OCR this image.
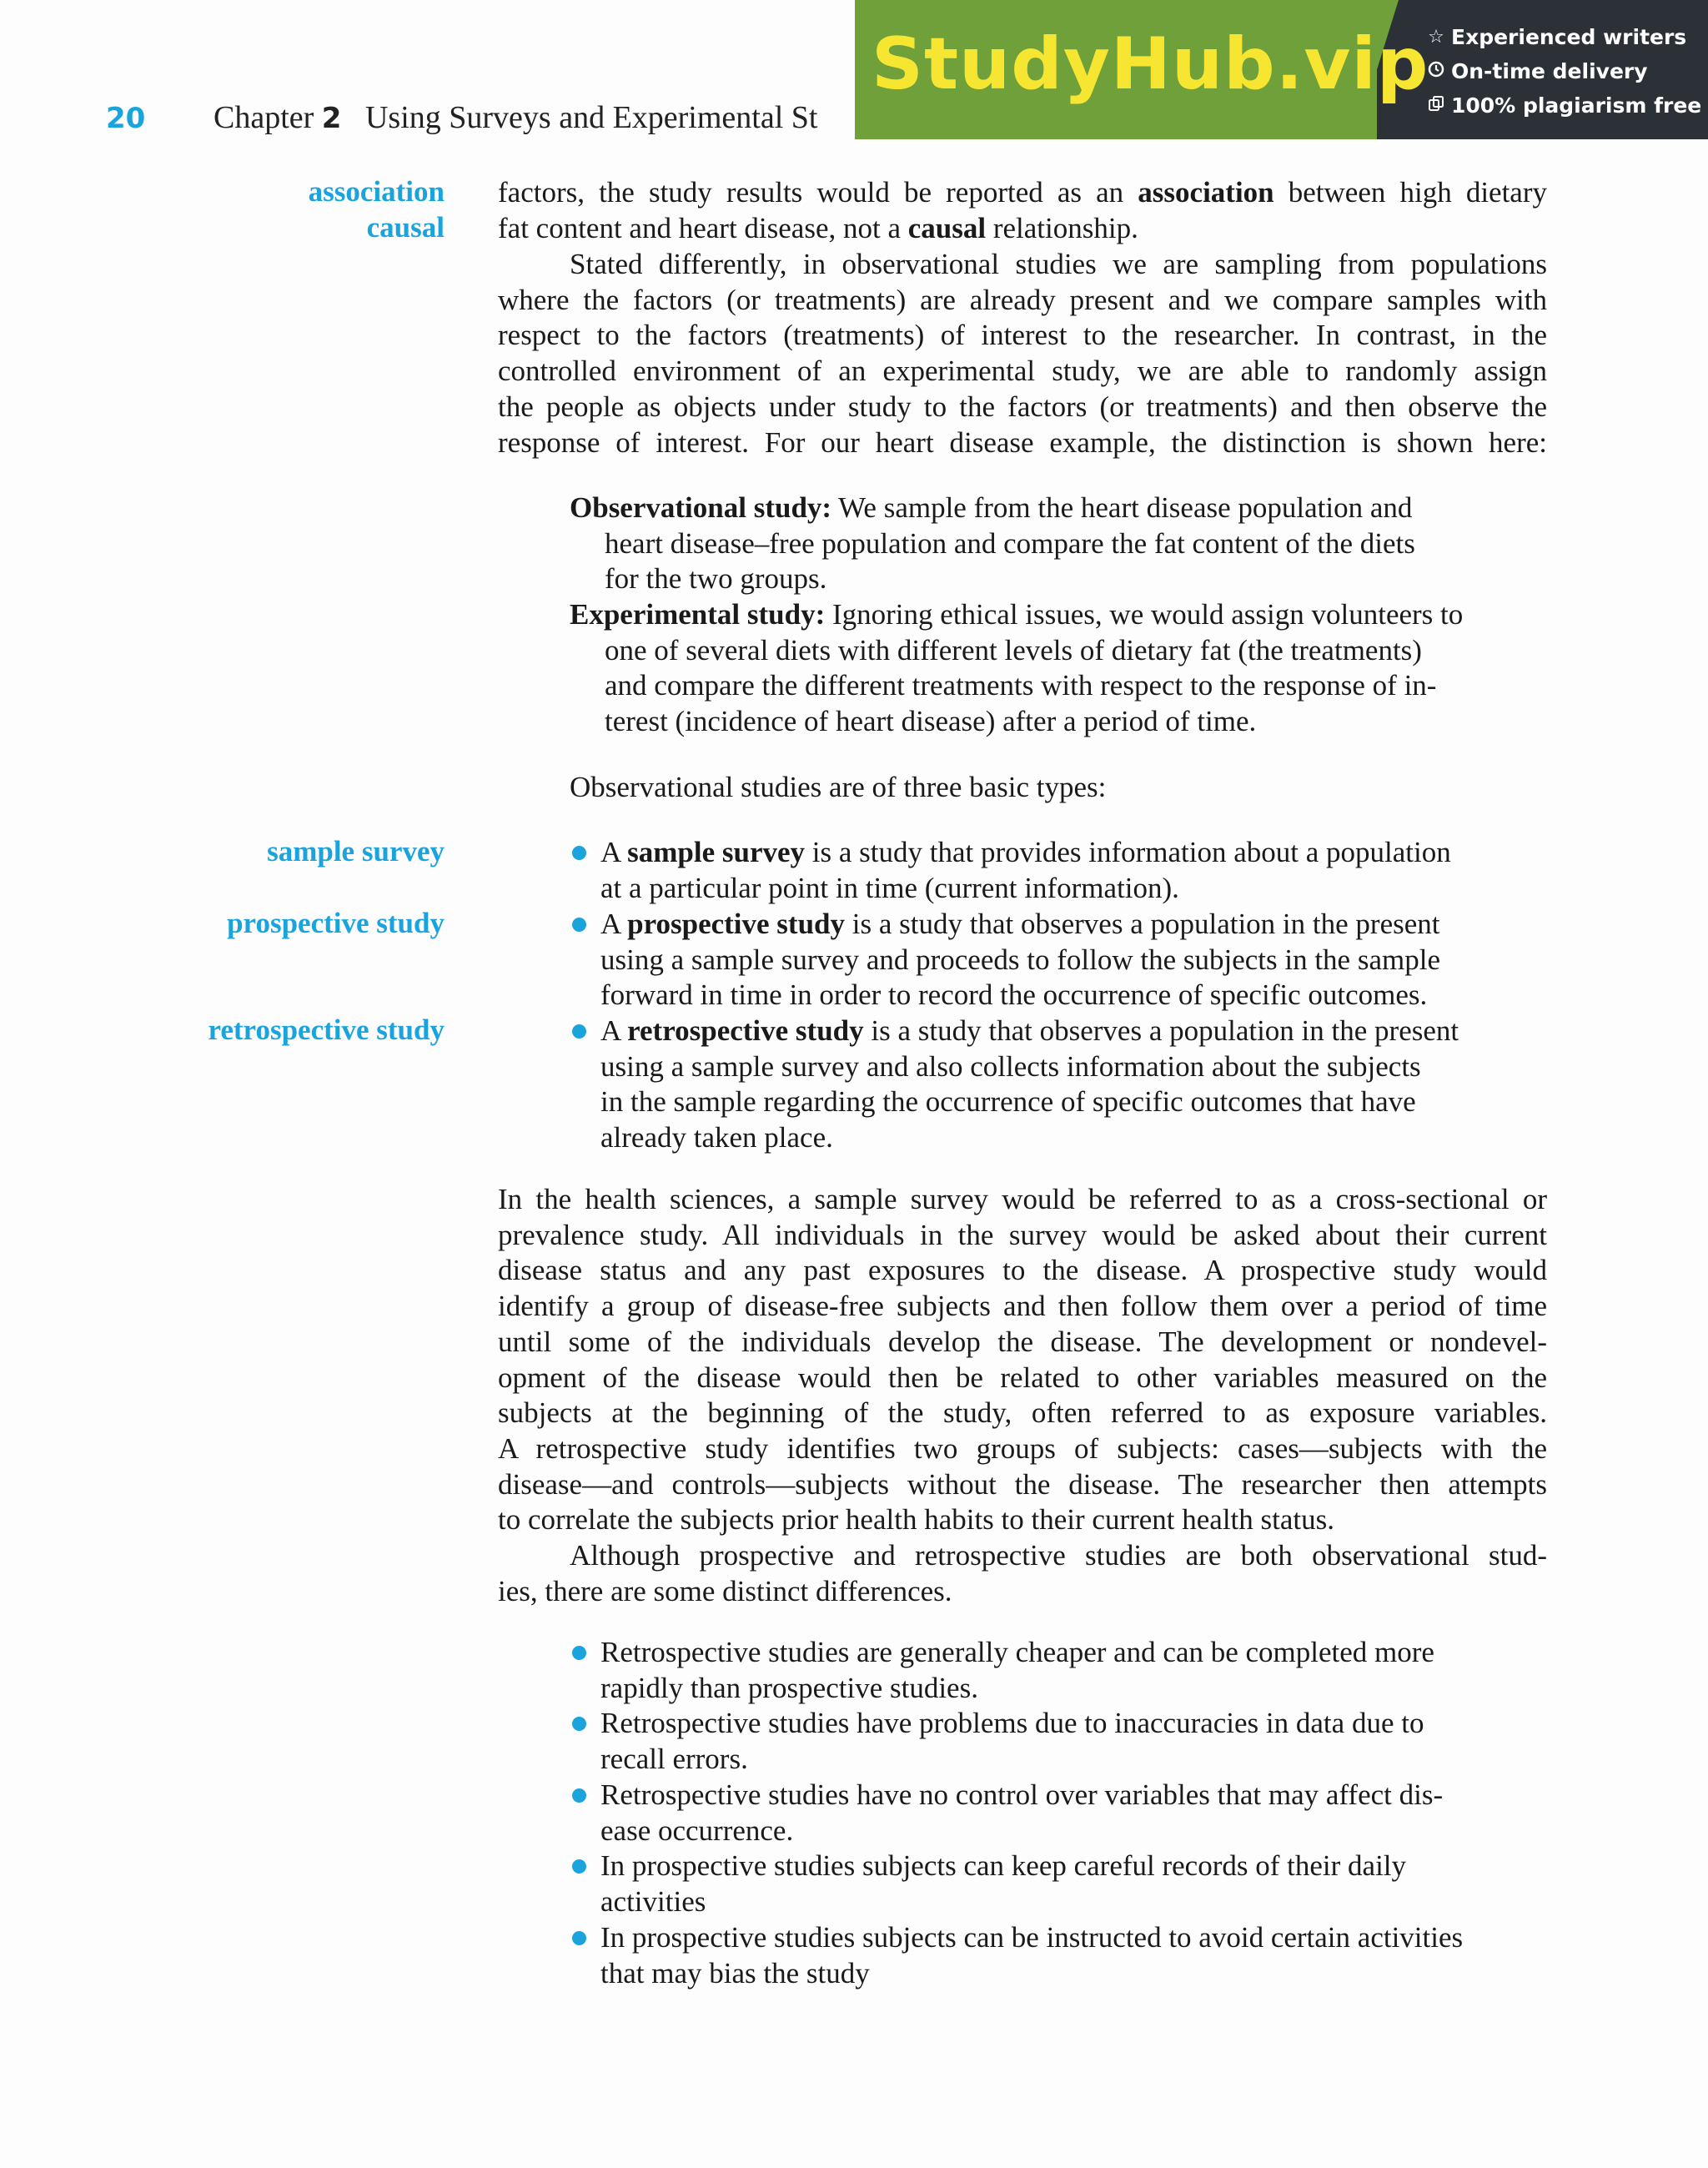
20 Chapter 2 Using Surveys and Experimental St
StudyHub.vip
☆ Experienced writers
On-time delivery
100% plagiarism free
association
causal
sample survey
prospective study
retrospective study
factors, the study results would be reported as an association between high dietary
fat content and heart disease, not a causal relationship.
Stated differently, in observational studies we are sampling from populations
where the factors (or treatments) are already present and we compare samples with
respect to the factors (treatments) of interest to the researcher. In contrast, in the
controlled environment of an experimental study, we are able to randomly assign
the people as objects under study to the factors (or treatments) and then observe the
response of interest. For our heart disease example, the distinction is shown here:
Observational study: We sample from the heart disease population and
heart disease–free population and compare the fat content of the diets
for the two groups.
Experimental study: Ignoring ethical issues, we would assign volunteers to
one of several diets with different levels of dietary fat (the treatments)
and compare the different treatments with respect to the response of in-
terest (incidence of heart disease) after a period of time.
Observational studies are of three basic types:
A sample survey is a study that provides information about a population
at a particular point in time (current information).
A prospective study is a study that observes a population in the present
using a sample survey and proceeds to follow the subjects in the sample
forward in time in order to record the occurrence of specific outcomes.
A retrospective study is a study that observes a population in the present
using a sample survey and also collects information about the subjects
in the sample regarding the occurrence of specific outcomes that have
already taken place.
In the health sciences, a sample survey would be referred to as a cross-sectional or
prevalence study. All individuals in the survey would be asked about their current
disease status and any past exposures to the disease. A prospective study would
identify a group of disease-free subjects and then follow them over a period of time
until some of the individuals develop the disease. The development or nondevel-
opment of the disease would then be related to other variables measured on the
subjects at the beginning of the study, often referred to as exposure variables.
A retrospective study identifies two groups of subjects: cases—subjects with the
disease—and controls—subjects without the disease. The researcher then attempts
to correlate the subjects prior health habits to their current health status.
Although prospective and retrospective studies are both observational stud-
ies, there are some distinct differences.
Retrospective studies are generally cheaper and can be completed more
rapidly than prospective studies.
Retrospective studies have problems due to inaccuracies in data due to
recall errors.
Retrospective studies have no control over variables that may affect dis-
ease occurrence.
In prospective studies subjects can keep careful records of their daily
activities
In prospective studies subjects can be instructed to avoid certain activities
that may bias the study
